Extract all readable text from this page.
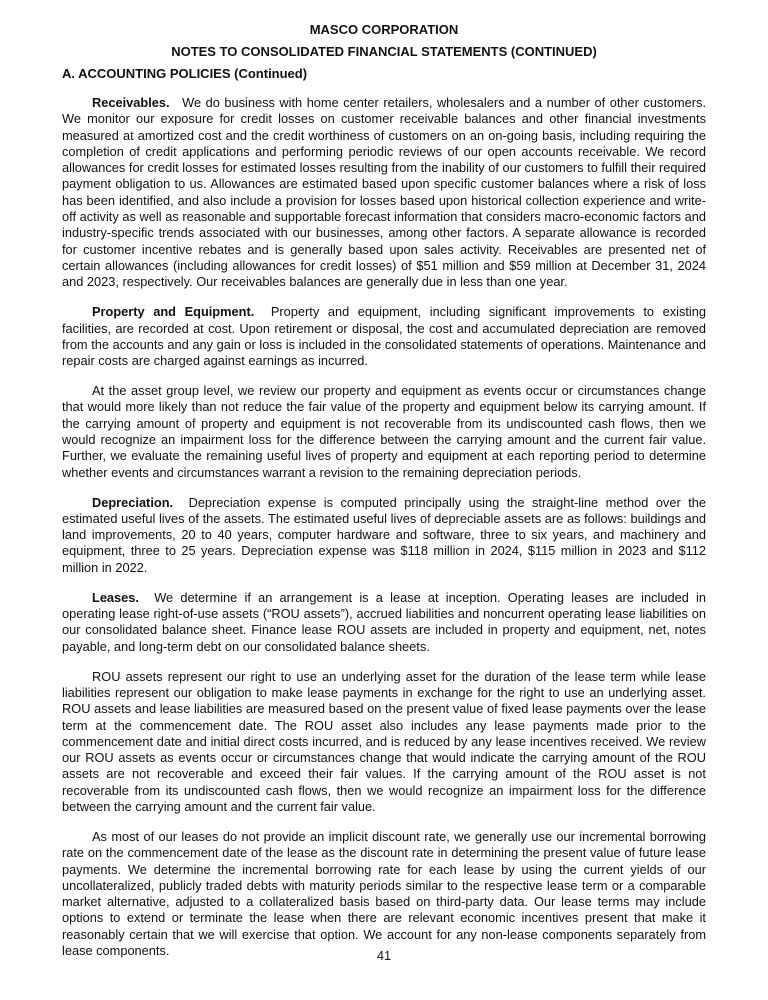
MASCO CORPORATION
NOTES TO CONSOLIDATED FINANCIAL STATEMENTS (CONTINUED)
A. ACCOUNTING POLICIES (Continued)

Receivables. We do business with home center retailers, wholesalers and a number of other customers. We monitor our exposure for credit losses on customer receivable balances and other financial investments measured at amortized cost and the credit worthiness of customers on an on-going basis, including requiring the completion of credit applications and performing periodic reviews of our open accounts receivable. We record allowances for credit losses for estimated losses resulting from the inability of our customers to fulfill their required payment obligation to us. Allowances are estimated based upon specific customer balances where a risk of loss has been identified, and also include a provision for losses based upon historical collection experience and write-off activity as well as reasonable and supportable forecast information that considers macro-economic factors and industry-specific trends associated with our businesses, among other factors. A separate allowance is recorded for customer incentive rebates and is generally based upon sales activity. Receivables are presented net of certain allowances (including allowances for credit losses) of $51 million and $59 million at December 31, 2024 and 2023, respectively. Our receivables balances are generally due in less than one year.

Property and Equipment. Property and equipment, including significant improvements to existing facilities, are recorded at cost. Upon retirement or disposal, the cost and accumulated depreciation are removed from the accounts and any gain or loss is included in the consolidated statements of operations. Maintenance and repair costs are charged against earnings as incurred.

At the asset group level, we review our property and equipment as events occur or circumstances change that would more likely than not reduce the fair value of the property and equipment below its carrying amount. If the carrying amount of property and equipment is not recoverable from its undiscounted cash flows, then we would recognize an impairment loss for the difference between the carrying amount and the current fair value. Further, we evaluate the remaining useful lives of property and equipment at each reporting period to determine whether events and circumstances warrant a revision to the remaining depreciation periods.

Depreciation. Depreciation expense is computed principally using the straight-line method over the estimated useful lives of the assets. The estimated useful lives of depreciable assets are as follows: buildings and land improvements, 20 to 40 years, computer hardware and software, three to six years, and machinery and equipment, three to 25 years. Depreciation expense was $118 million in 2024, $115 million in 2023 and $112 million in 2022.

Leases. We determine if an arrangement is a lease at inception. Operating leases are included in operating lease right-of-use assets (“ROU assets”), accrued liabilities and noncurrent operating lease liabilities on our consolidated balance sheet. Finance lease ROU assets are included in property and equipment, net, notes payable, and long-term debt on our consolidated balance sheets.

ROU assets represent our right to use an underlying asset for the duration of the lease term while lease liabilities represent our obligation to make lease payments in exchange for the right to use an underlying asset. ROU assets and lease liabilities are measured based on the present value of fixed lease payments over the lease term at the commencement date. The ROU asset also includes any lease payments made prior to the commencement date and initial direct costs incurred, and is reduced by any lease incentives received. We review our ROU assets as events occur or circumstances change that would indicate the carrying amount of the ROU assets are not recoverable and exceed their fair values. If the carrying amount of the ROU asset is not recoverable from its undiscounted cash flows, then we would recognize an impairment loss for the difference between the carrying amount and the current fair value.

As most of our leases do not provide an implicit discount rate, we generally use our incremental borrowing rate on the commencement date of the lease as the discount rate in determining the present value of future lease payments. We determine the incremental borrowing rate for each lease by using the current yields of our uncollateralized, publicly traded debts with maturity periods similar to the respective lease term or a comparable market alternative, adjusted to a collateralized basis based on third-party data. Our lease terms may include options to extend or terminate the lease when there are relevant economic incentives present that make it reasonably certain that we will exercise that option. We account for any non-lease components separately from lease components.	41
